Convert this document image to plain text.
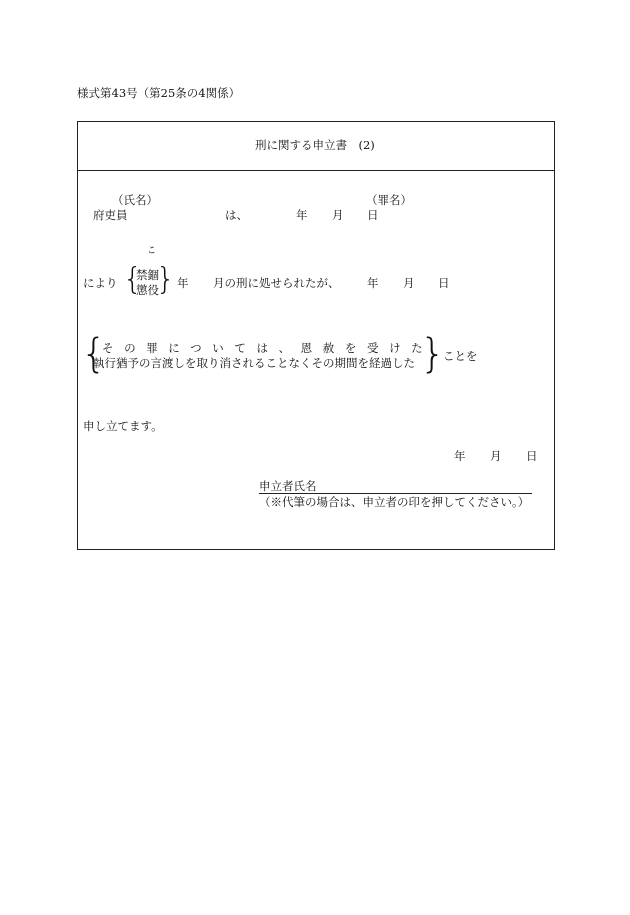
様式第43号（第25条の4関係）
刑に関する申立書　(2)
（氏名）	（罪名）
府吏員	は、	年 月 日
こ
により {
禁錮
懲役
} 年 月の刑に処せられたが、 年 月 日
{
その罪については、恩赦を受けた
執行猶予の言渡しを取り消されることなくその期間を経過した }
ことを
申し立てます。
年 月 日
申立者氏名
（※代筆の場合は、申立者の印を押してください。）
